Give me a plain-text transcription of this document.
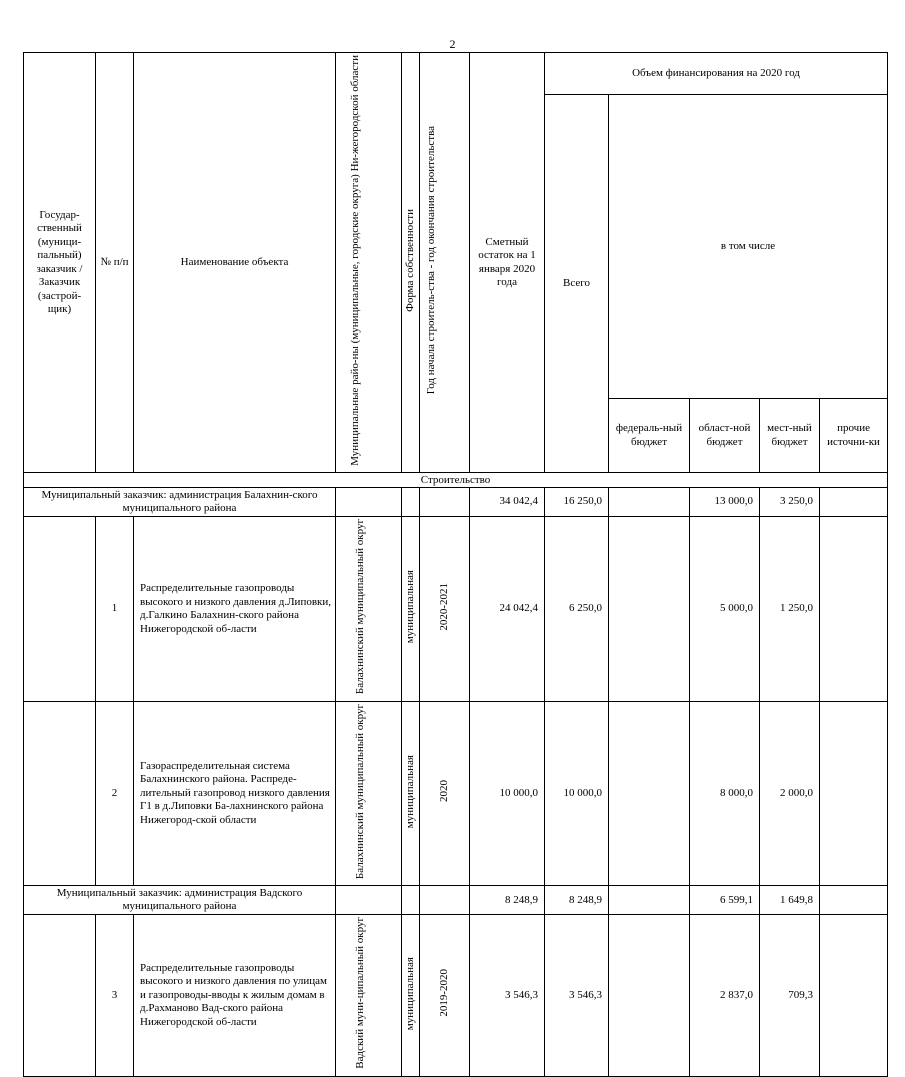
2
Государ-ственный (муници-пальный) заказчик / Заказчик (застрой-щик)	№ п/п	Наименование объекта	Муниципальные райо-ны (муниципальные, городские округа) Ни-жегородской области	Форма собственности	Год начала строитель-ства - год окончания строительства	Сметный остаток на 1 января 2020 года	Объем финансирования на 2020 год				
							Всего	в том числе			
								федераль-ный бюджет	област-ной бюджет	мест-ный бюджет	прочие источни-ки
Строительство											
Муниципальный заказчик: администрация Балахнин-ского муниципального района						34 042,4	16 250,0		13 000,0	3 250,0	
	1	Распределительные газопроводы высокого и низкого давления д.Липовки, д.Галкино Балахнин-ского района Нижегородской об-ласти	Балахнинский муниципальный округ	муниципальная	2020-2021	24 042,4	6 250,0		5 000,0	1 250,0	
	2	Газораспределительная система Балахнинского района. Распреде-лительный газопровод низкого давления Г1 в д.Липовки Ба-лахнинского района Нижегород-ской области	Балахнинский муниципальный округ	муниципальная	2020	10 000,0	10 000,0		8 000,0	2 000,0	
Муниципальный заказчик: администрация Вадского муниципального района						8 248,9	8 248,9		6 599,1	1 649,8	
	3	Распределительные газопроводы высокого и низкого давления по улицам и газопроводы-вводы к жилым домам в д.Рахманово Вад-ского района Нижегородской об-ласти	Вадский муни-ципальный округ	муниципальная	2019-2020	3 546,3	3 546,3		2 837,0	709,3	
